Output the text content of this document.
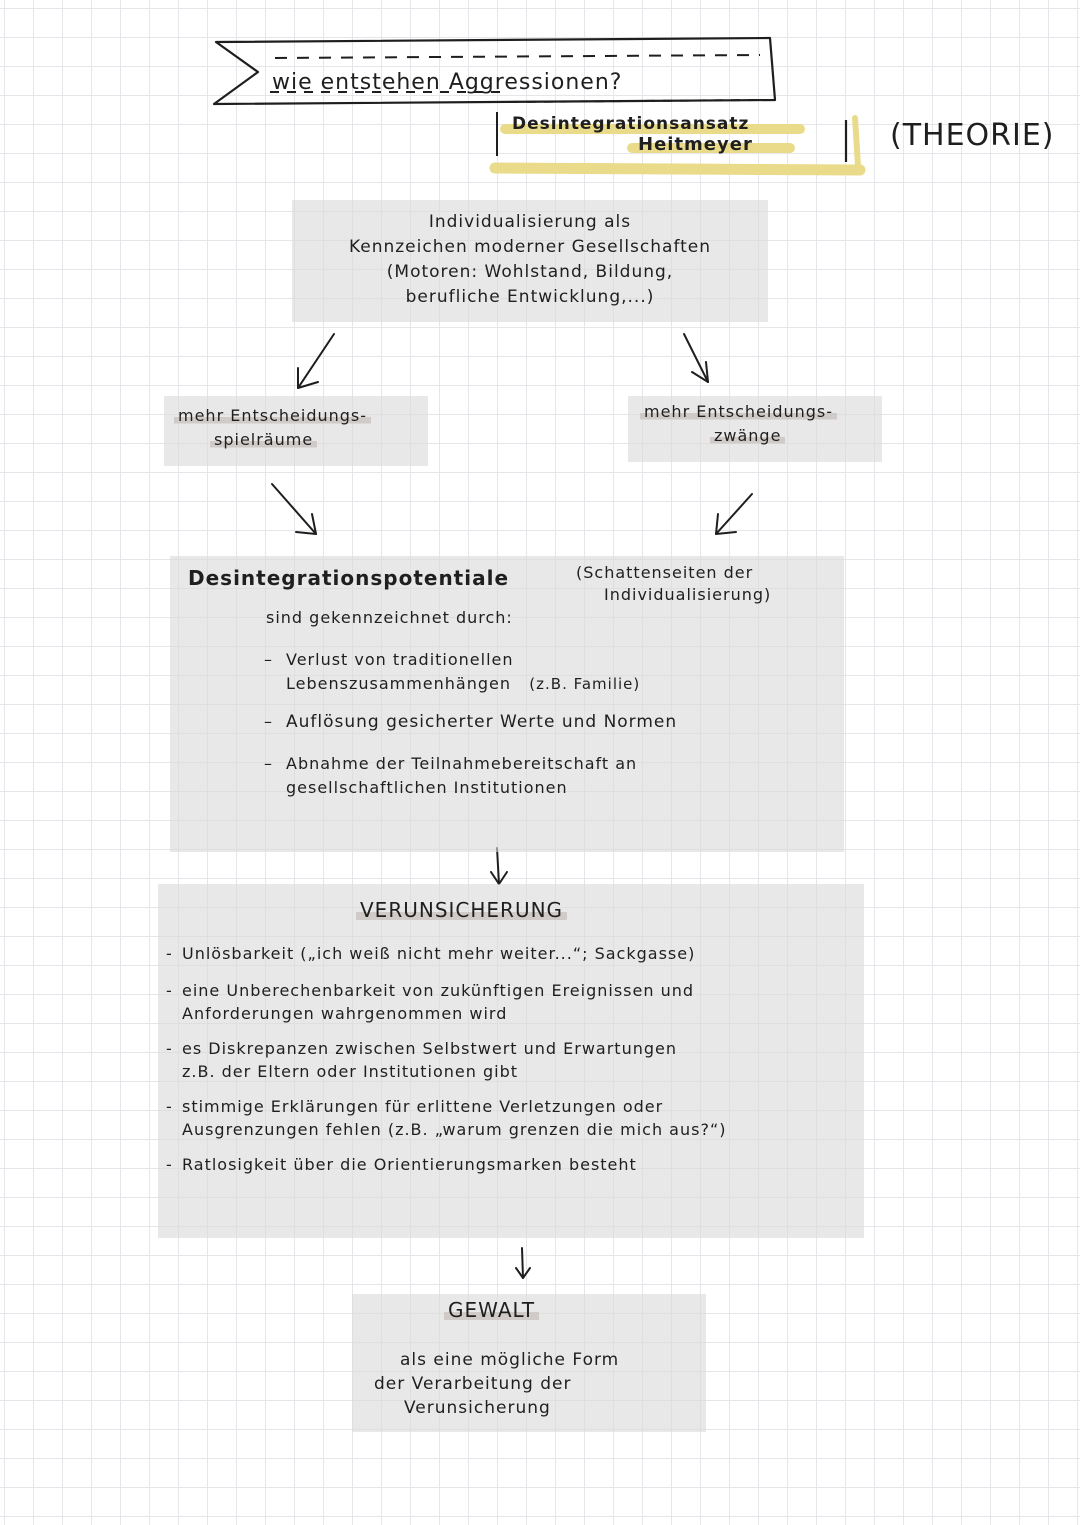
wie entstehen Aggressionen?
Desintegrationsansatz
Heitmeyer	(THEORIE)
Individualisierung als
Kennzeichen moderner Gesellschaften
(Motoren: Wohlstand, Bildung,
berufliche Entwicklung,...)
mehr Entscheidungs-
spielräume
mehr Entscheidungs-
zwänge
Desintegrationspotentiale	(Schattenseiten der
Individualisierung)
sind gekennzeichnet durch:
– Verlust von traditionellen
Lebenszusammenhängen (z.B. Familie)
– Auflösung gesicherter Werte und Normen
– Abnahme der Teilnahmebereitschaft an
gesellschaftlichen Institutionen
VERUNSICHERUNG
- Unlösbarkeit („ich weiß nicht mehr weiter...“; Sackgasse)
- eine Unberechenbarkeit von zukünftigen Ereignissen und
Anforderungen wahrgenommen wird
- es Diskrepanzen zwischen Selbstwert und Erwartungen
z.B. der Eltern oder Institutionen gibt
- stimmige Erklärungen für erlittene Verletzungen oder
Ausgrenzungen fehlen (z.B. „warum grenzen die mich aus?“)
- Ratlosigkeit über die Orientierungsmarken besteht
GEWALT
als eine mögliche Form
der Verarbeitung der
Verunsicherung
